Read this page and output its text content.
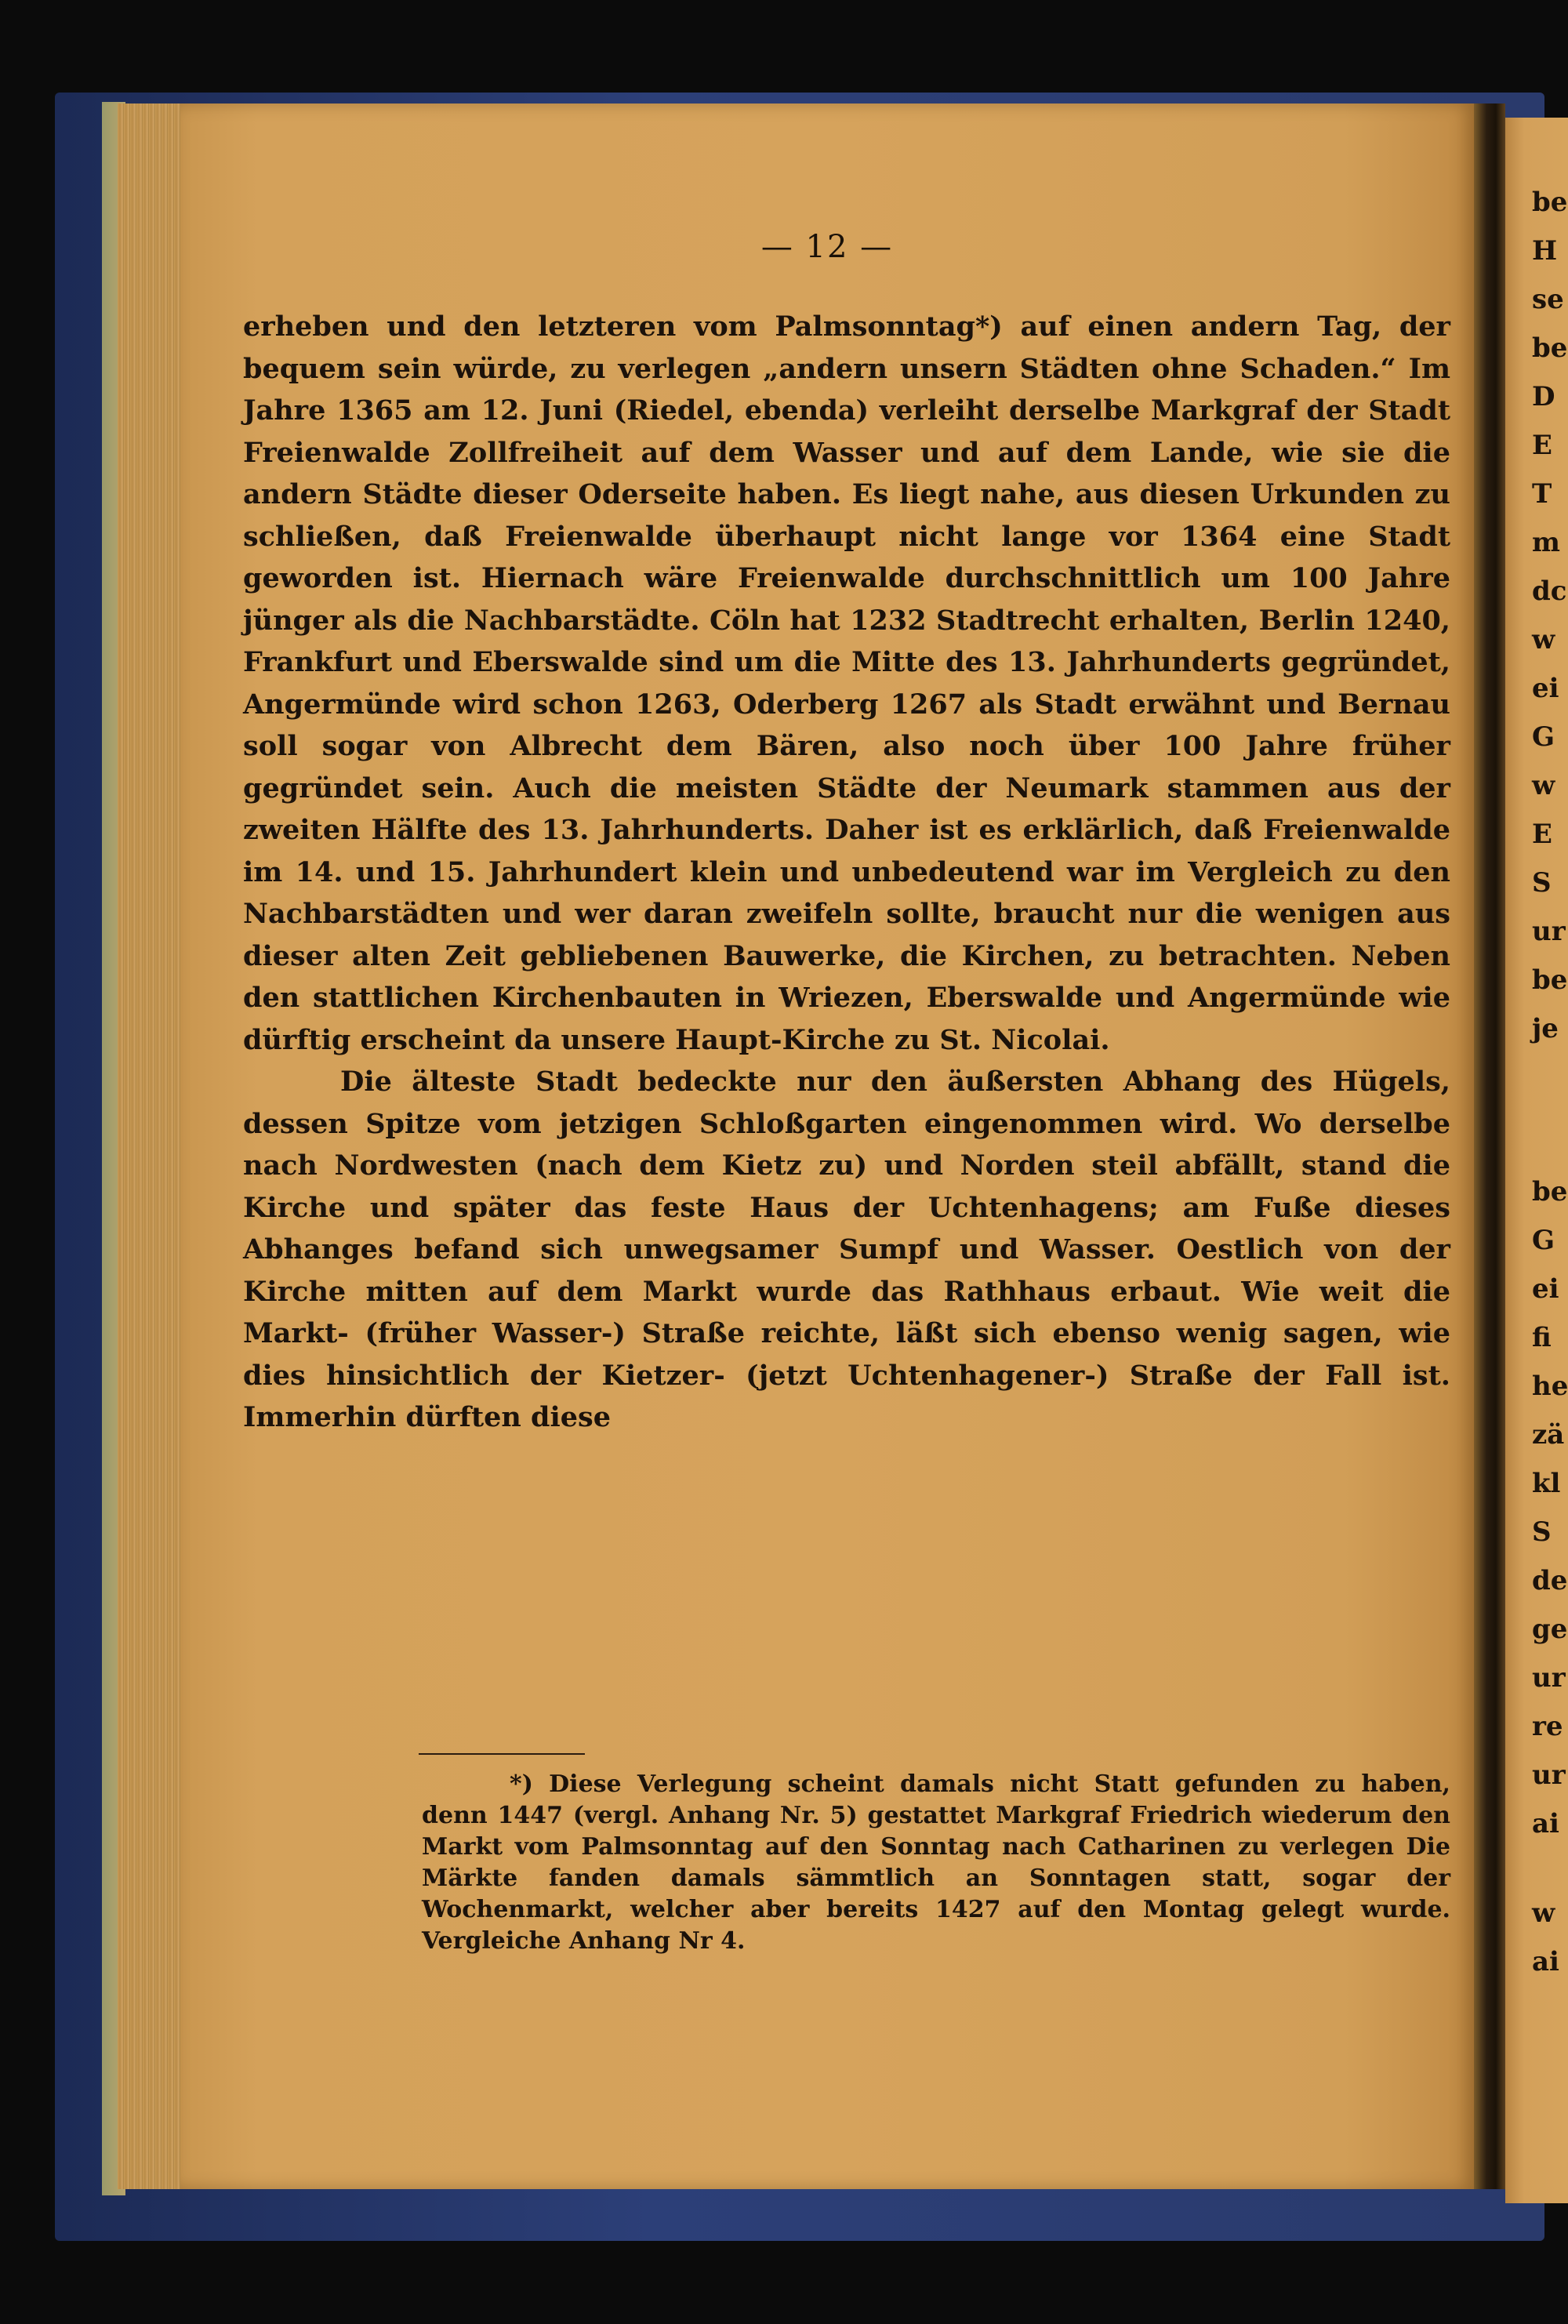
— 12 —

erheben und den letzteren vom Palmsonntag*) auf einen andern Tag, der bequem sein würde, zu verlegen „andern unsern Städten ohne Schaden.“ Im Jahre 1365 am 12. Juni (Riedel, ebenda) verleiht derselbe Markgraf der Stadt Freienwalde Zollfreiheit auf dem Wasser und auf dem Lande, wie sie die andern Städte dieser Oderseite haben. Es liegt nahe, aus diesen Urkunden zu schließen, daß Freienwalde überhaupt nicht lange vor 1364 eine Stadt geworden ist. Hiernach wäre Freienwalde durchschnittlich um 100 Jahre jünger als die Nachbarstädte. Cöln hat 1232 Stadtrecht erhalten, Berlin 1240, Frankfurt und Eberswalde sind um die Mitte des 13. Jahrhunderts gegründet, Angermünde wird schon 1263, Oderberg 1267 als Stadt erwähnt und Bernau soll sogar von Albrecht dem Bären, also noch über 100 Jahre früher gegründet sein. Auch die meisten Städte der Neumark stammen aus der zweiten Hälfte des 13. Jahrhunderts. Daher ist es erklärlich, daß Freienwalde im 14. und 15. Jahrhundert klein und unbedeutend war im Vergleich zu den Nachbarstädten und wer daran zweifeln sollte, braucht nur die wenigen aus dieser alten Zeit gebliebenen Bauwerke, die Kirchen, zu betrachten. Neben den stattlichen Kirchenbauten in Wriezen, Eberswalde und Angermünde wie dürftig erscheint da unsere Haupt-Kirche zu St. Nicolai.

Die älteste Stadt bedeckte nur den äußersten Abhang des Hügels, dessen Spitze vom jetzigen Schloßgarten eingenommen wird. Wo derselbe nach Nordwesten (nach dem Kietz zu) und Norden steil abfällt, stand die Kirche und später das feste Haus der Uchtenhagens; am Fuße dieses Abhanges befand sich unwegsamer Sumpf und Wasser. Oestlich von der Kirche mitten auf dem Markt wurde das Rathhaus erbaut. Wie weit die Markt- (früher Wasser-) Straße reichte, läßt sich ebenso wenig sagen, wie dies hinsichtlich der Kietzer- (jetzt Uchtenhagener-) Straße der Fall ist. Immerhin dürften diese

*) Diese Verlegung scheint damals nicht Statt gefunden zu haben, denn 1447 (vergl. Anhang Nr. 5) gestattet Markgraf Friedrich wiederum den Markt vom Palmsonntag auf den Sonntag nach Catharinen zu verlegen Die Märkte fanden damals sämmtlich an Sonntagen statt, sogar der Wochenmarkt, welcher aber bereits 1427 auf den Montag gelegt wurde. Vergleiche Anhang Nr 4.

be
H
se
be
D
E
T
m
dc
w
ei
G
w
E
S
ur
be
je
be
G
ei
fi
he
zä
kl
S
de
ge
ur
re
ur
ai
w
ai
